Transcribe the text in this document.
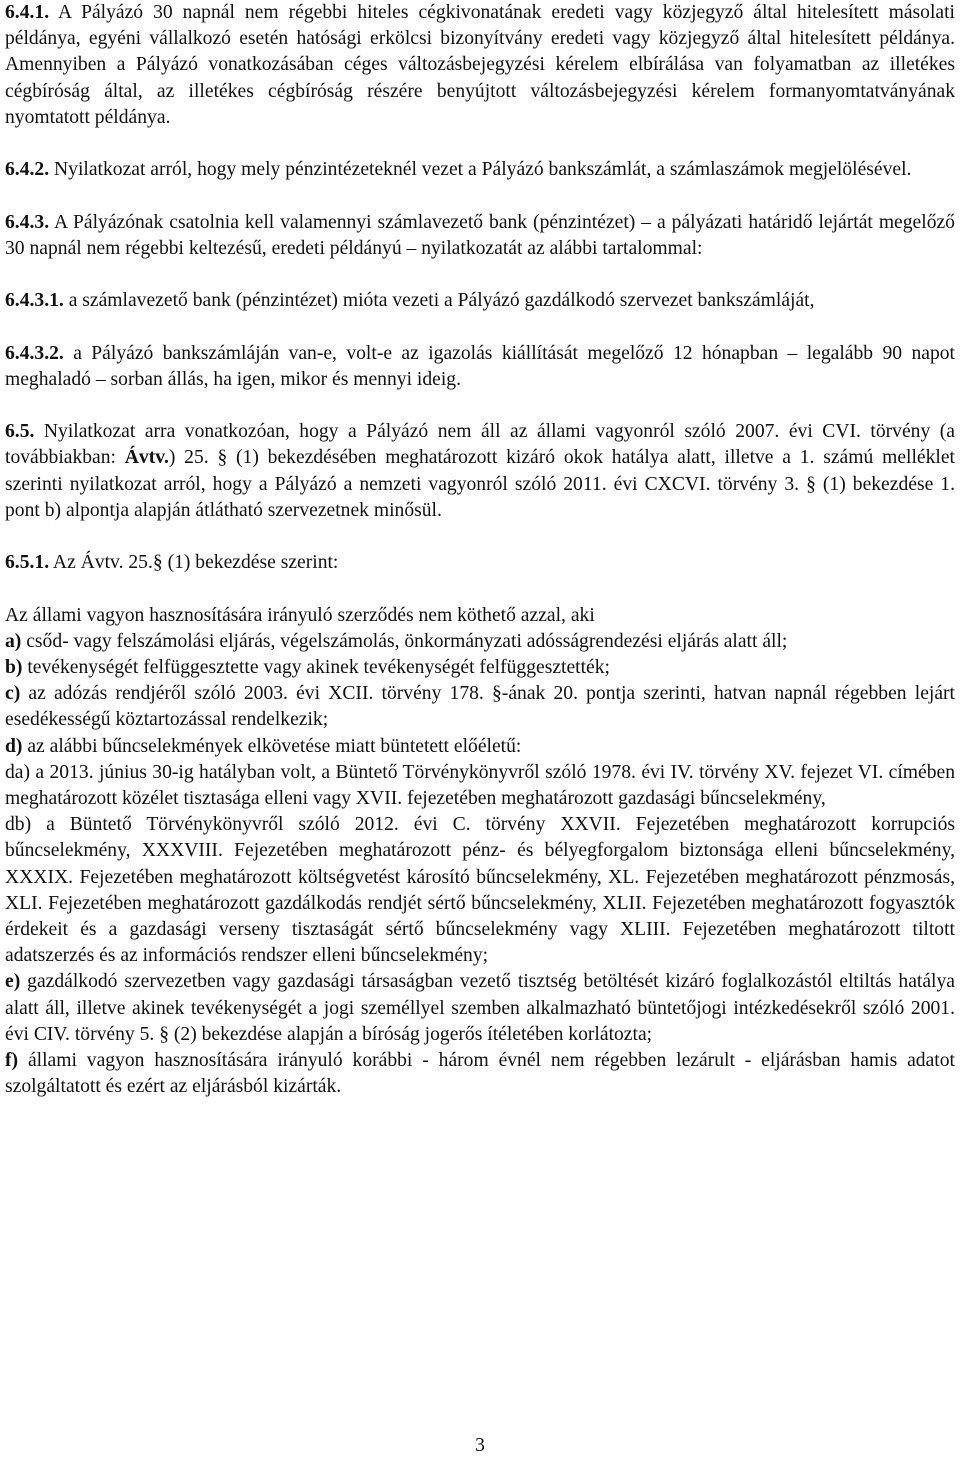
6.4.1. A Pályázó 30 napnál nem régebbi hiteles cégkivonatának eredeti vagy közjegyző által hitelesített másolati példánya, egyéni vállalkozó esetén hatósági erkölcsi bizonyítvány eredeti vagy közjegyző által hitelesített példánya. Amennyiben a Pályázó vonatkozásában céges változásbejegyzési kérelem elbírálása van folyamatban az illetékes cégbíróság által, az illetékes cégbíróság részére benyújtott változásbejegyzési kérelem formanyomtatványának nyomtatott példánya.

6.4.2. Nyilatkozat arról, hogy mely pénzintézeteknél vezet a Pályázó bankszámlát, a számlaszámok megjelölésével.

6.4.3. A Pályázónak csatolnia kell valamennyi számlavezető bank (pénzintézet) – a pályázati határidő lejártát megelőző 30 napnál nem régebbi keltezésű, eredeti példányú – nyilatkozatát az alábbi tartalommal:

6.4.3.1. a számlavezető bank (pénzintézet) mióta vezeti a Pályázó gazdálkodó szervezet bankszámláját,

6.4.3.2. a Pályázó bankszámláján van-e, volt-e az igazolás kiállítását megelőző 12 hónapban – legalább 90 napot meghaladó – sorban állás, ha igen, mikor és mennyi ideig.

6.5. Nyilatkozat arra vonatkozóan, hogy a Pályázó nem áll az állami vagyonról szóló 2007. évi CVI. törvény (a továbbiakban: Ávtv.) 25. § (1) bekezdésében meghatározott kizáró okok hatálya alatt, illetve a 1. számú melléklet szerinti nyilatkozat arról, hogy a Pályázó a nemzeti vagyonról szóló 2011. évi CXCVI. törvény 3. § (1) bekezdése 1. pont b) alpontja alapján átlátható szervezetnek minősül.

6.5.1. Az Ávtv. 25.§ (1) bekezdése szerint:

Az állami vagyon hasznosítására irányuló szerződés nem köthető azzal, aki

a) csőd- vagy felszámolási eljárás, végelszámolás, önkormányzati adósságrendezési eljárás alatt áll;

b) tevékenységét felfüggesztette vagy akinek tevékenységét felfüggesztették;

c) az adózás rendjéről szóló 2003. évi XCII. törvény 178. §-ának 20. pontja szerinti, hatvan napnál régebben lejárt esedékességű köztartozással rendelkezik;

d) az alábbi bűncselekmények elkövetése miatt büntetett előéletű:

da) a 2013. június 30-ig hatályban volt, a Büntető Törvénykönyvről szóló 1978. évi IV. törvény XV. fejezet VI. címében meghatározott közélet tisztasága elleni vagy XVII. fejezetében meghatározott gazdasági bűncselekmény,

db) a Büntető Törvénykönyvről szóló 2012. évi C. törvény XXVII. Fejezetében meghatározott korrupciós bűncselekmény, XXXVIII. Fejezetében meghatározott pénz- és bélyegforgalom biztonsága elleni bűncselekmény, XXXIX. Fejezetében meghatározott költségvetést károsító bűncselekmény, XL. Fejezetében meghatározott pénzmosás, XLI. Fejezetében meghatározott gazdálkodás rendjét sértő bűncselekmény, XLII. Fejezetében meghatározott fogyasztók érdekeit és a gazdasági verseny tisztaságát sértő bűncselekmény vagy XLIII. Fejezetében meghatározott tiltott adatszerzés és az információs rendszer elleni bűncselekmény;

e) gazdálkodó szervezetben vagy gazdasági társaságban vezető tisztség betöltését kizáró foglalkozástól eltiltás hatálya alatt áll, illetve akinek tevékenységét a jogi személlyel szemben alkalmazható büntetőjogi intézkedésekről szóló 2001. évi CIV. törvény 5. § (2) bekezdése alapján a bíróság jogerős ítéletében korlátozta;

f) állami vagyon hasznosítására irányuló korábbi - három évnél nem régebben lezárult - eljárásban hamis adatot szolgáltatott és ezért az eljárásból kizárták.

3
